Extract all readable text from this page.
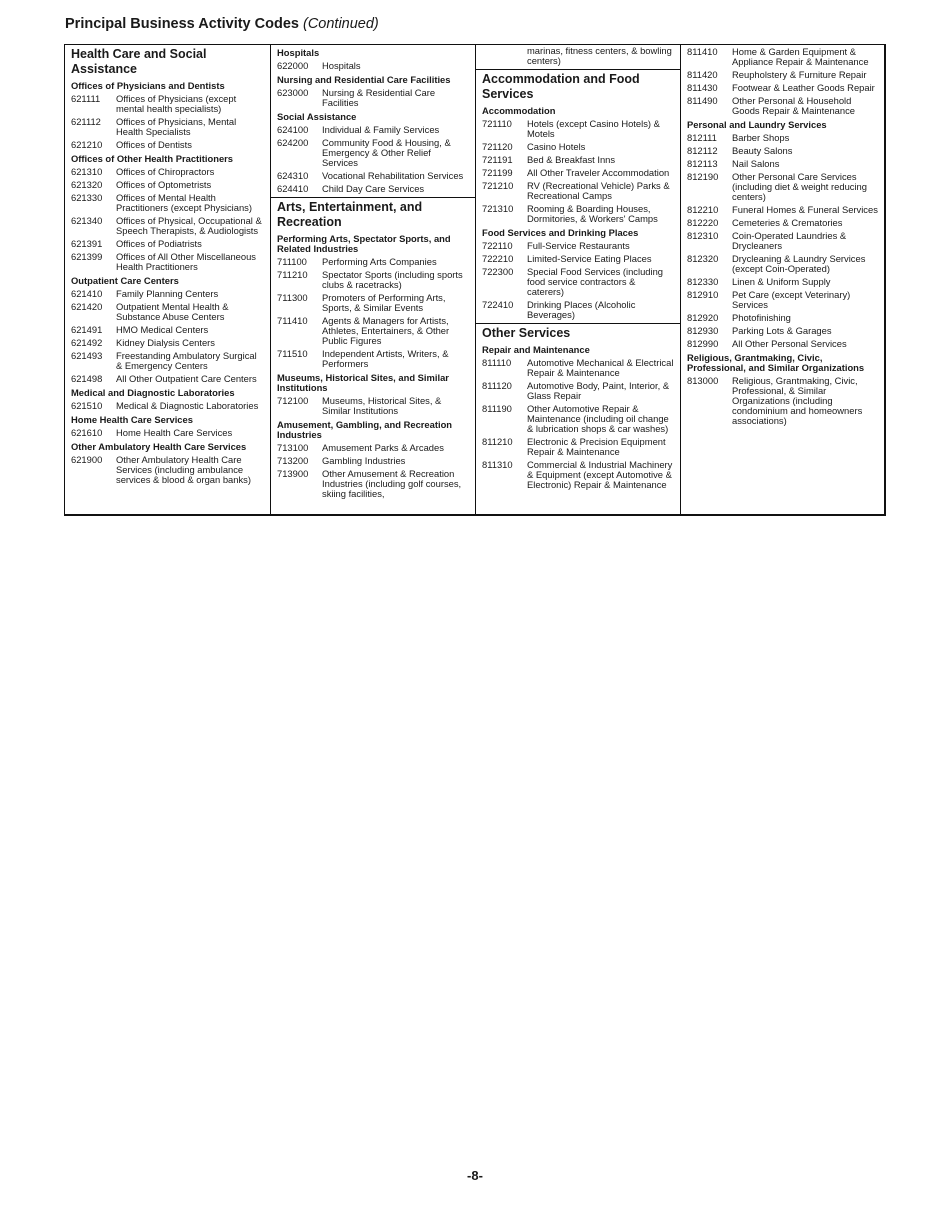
Principal Business Activity Codes (Continued)
Health Care and Social Assistance
Offices of Physicians and Dentists
621111	Offices of Physicians (except mental health specialists)
621112	Offices of Physicians, Mental Health Specialists
621210	Offices of Dentists
Offices of Other Health Practitioners
621310	Offices of Chiropractors
621320	Offices of Optometrists
621330	Offices of Mental Health Practitioners (except Physicians)
621340	Offices of Physical, Occupational & Speech Therapists, & Audiologists
621391	Offices of Podiatrists
621399	Offices of All Other Miscellaneous Health Practitioners
Outpatient Care Centers
621410	Family Planning Centers
621420	Outpatient Mental Health & Substance Abuse Centers
621491	HMO Medical Centers
621492	Kidney Dialysis Centers
621493	Freestanding Ambulatory Surgical & Emergency Centers
621498	All Other Outpatient Care Centers
Medical and Diagnostic Laboratories
621510	Medical & Diagnostic Laboratories
Home Health Care Services
621610	Home Health Care Services
Other Ambulatory Health Care Services
621900	Other Ambulatory Health Care Services (including ambulance services & blood & organ banks)
Hospitals
622000	Hospitals
Nursing and Residential Care Facilities
623000	Nursing & Residential Care Facilities
Social Assistance
624100	Individual & Family Services
624200	Community Food & Housing, & Emergency & Other Relief Services
624310	Vocational Rehabilitation Services
624410	Child Day Care Services
Arts, Entertainment, and Recreation
Performing Arts, Spectator Sports, and Related Industries
711100	Performing Arts Companies
711210	Spectator Sports (including sports clubs & racetracks)
711300	Promoters of Performing Arts, Sports, & Similar Events
711410	Agents & Managers for Artists, Athletes, Entertainers, & Other Public Figures
711510	Independent Artists, Writers, & Performers
Museums, Historical Sites, and Similar Institutions
712100	Museums, Historical Sites, & Similar Institutions
Amusement, Gambling, and Recreation Industries
713100	Amusement Parks & Arcades
713200	Gambling Industries
713900	Other Amusement & Recreation Industries (including golf courses, skiing facilities,
marinas, fitness centers, & bowling centers)
Accommodation and Food Services
Accommodation
721110	Hotels (except Casino Hotels) & Motels
721120	Casino Hotels
721191	Bed & Breakfast Inns
721199	All Other Traveler Accommodation
721210	RV (Recreational Vehicle) Parks & Recreational Camps
721310	Rooming & Boarding Houses, Dormitories, & Workers' Camps
Food Services and Drinking Places
722110	Full-Service Restaurants
722210	Limited-Service Eating Places
722300	Special Food Services (including food service contractors & caterers)
722410	Drinking Places (Alcoholic Beverages)
Other Services
Repair and Maintenance
811110	Automotive Mechanical & Electrical Repair & Maintenance
811120	Automotive Body, Paint, Interior, & Glass Repair
811190	Other Automotive Repair & Maintenance (including oil change & lubrication shops & car washes)
811210	Electronic & Precision Equipment Repair & Maintenance
811310	Commercial & Industrial Machinery & Equipment (except Automotive & Electronic) Repair & Maintenance
811410	Home & Garden Equipment & Appliance Repair & Maintenance
811420	Reupholstery & Furniture Repair
811430	Footwear & Leather Goods Repair
811490	Other Personal & Household Goods Repair & Maintenance
Personal and Laundry Services
812111	Barber Shops
812112	Beauty Salons
812113	Nail Salons
812190	Other Personal Care Services (including diet & weight reducing centers)
812210	Funeral Homes & Funeral Services
812220	Cemeteries & Crematories
812310	Coin-Operated Laundries & Drycleaners
812320	Drycleaning & Laundry Services (except Coin-Operated)
812330	Linen & Uniform Supply
812910	Pet Care (except Veterinary) Services
812920	Photofinishing
812930	Parking Lots & Garages
812990	All Other Personal Services
Religious, Grantmaking, Civic, Professional, and Similar Organizations
813000	Religious, Grantmaking, Civic, Professional, & Similar Organizations (including condominium and homeowners associations)
-8-
